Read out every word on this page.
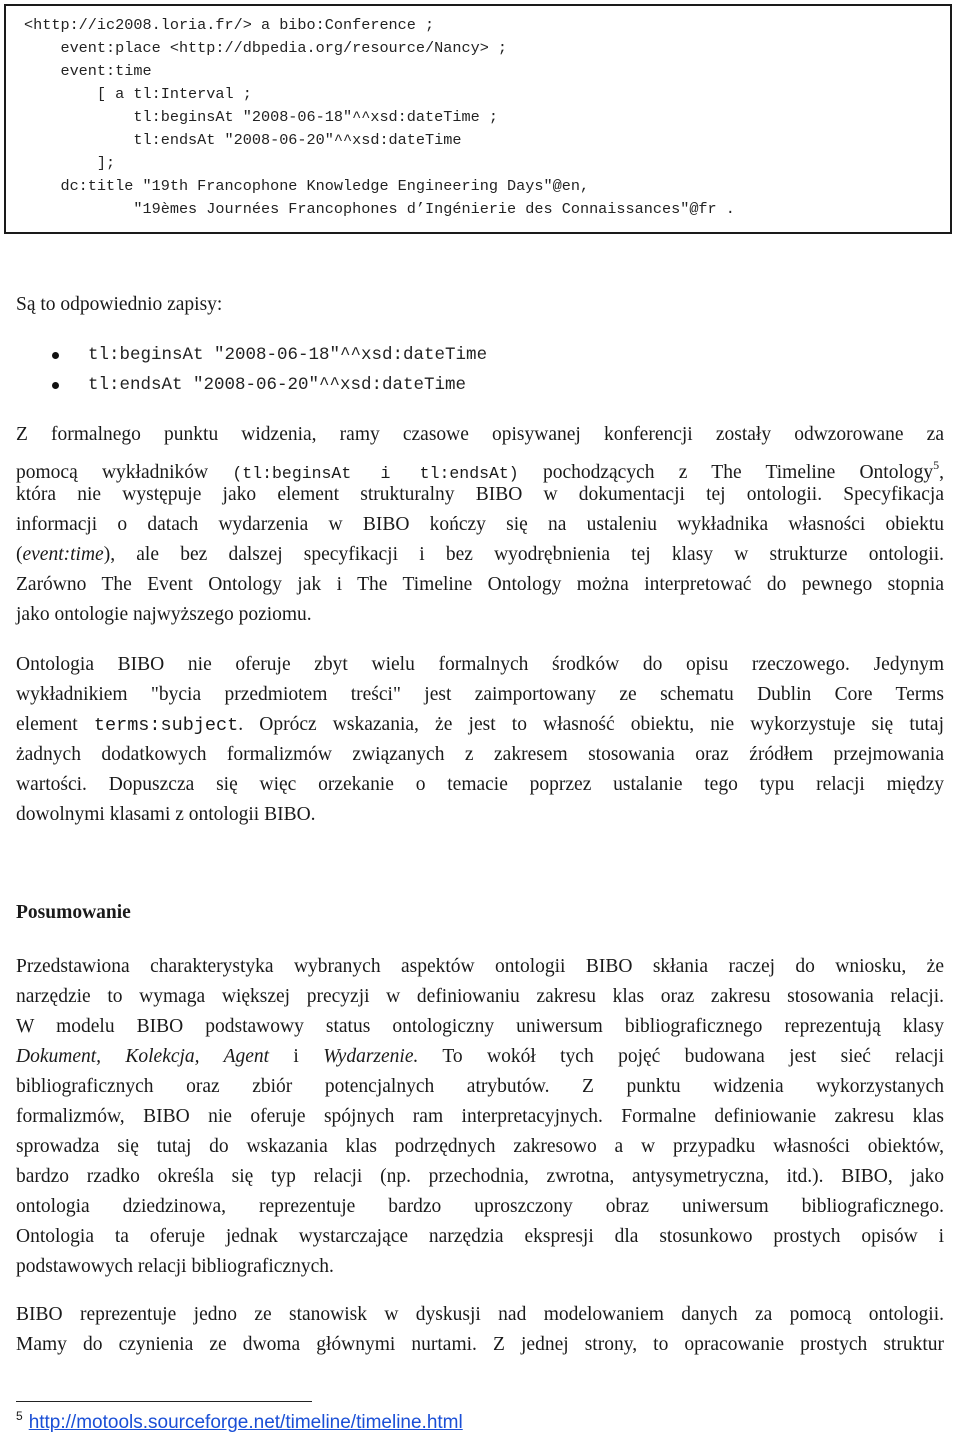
<http://ic2008.loria.fr/> a bibo:Conference ;
event:place <http://dbpedia.org/resource/Nancy> ;
event:time
[ a tl:Interval ;
tl:beginsAt "2008-06-18"^^xsd:dateTime ;
tl:endsAt "2008-06-20"^^xsd:dateTime
];
dc:title "19th Francophone Knowledge Engineering Days"@en,
"19èmes Journées Francophones d’Ingénierie des Connaissances"@fr .
Są to odpowiednio zapisy:
tl:beginsAt "2008-06-18"^^xsd:dateTime
tl:endsAt "2008-06-20"^^xsd:dateTime
Z formalnego punktu widzenia, ramy czasowe opisywanej konferencji zostały odwzorowane za
pomocą wykładników (tl:beginsAt i tl:endsAt) pochodzących z The Timeline Ontology$^5$,
która nie występuje jako element strukturalny BIBO w dokumentacji tej ontologii. Specyfikacja
informacji o datach wydarzenia w BIBO kończy się na ustaleniu wykładnika własności obiektu
(event:time), ale bez dalszej specyfikacji i bez wyodrębnienia tej klasy w strukturze ontologii.
Zarówno The Event Ontology jak i The Timeline Ontology można interpretować do pewnego stopnia
jako ontologie najwyższego poziomu.
Ontologia BIBO nie oferuje zbyt wielu formalnych środków do opisu rzeczowego. Jedynym
wykładnikiem "bycia przedmiotem treści" jest zaimportowany ze schematu Dublin Core Terms
element terms:subject. Oprócz wskazania, że jest to własność obiektu, nie wykorzystuje się tutaj
żadnych dodatkowych formalizmów związanych z zakresem stosowania oraz źródłem przejmowania
wartości. Dopuszcza się więc orzekanie o temacie poprzez ustalanie tego typu relacji między
dowolnymi klasami z ontologii BIBO.
Posumowanie
Przedstawiona charakterystyka wybranych aspektów ontologii BIBO skłania raczej do wniosku, że
narzędzie to wymaga większej precyzji w definiowaniu zakresu klas oraz zakresu stosowania relacji.
W modelu BIBO podstawowy status ontologiczny uniwersum bibliograficznego reprezentują klasy
Dokument, Kolekcja, Agent i Wydarzenie. To wokół tych pojęć budowana jest sieć relacji
bibliograficznych oraz zbiór potencjalnych atrybutów. Z punktu widzenia wykorzystanych
formalizmów, BIBO nie oferuje spójnych ram interpretacyjnych. Formalne definiowanie zakresu klas
sprowadza się tutaj do wskazania klas podrzędnych zakresowo a w przypadku własności obiektów,
bardzo rzadko określa się typ relacji (np. przechodnia, zwrotna, antysymetryczna, itd.). BIBO, jako
ontologia dziedzinowa, reprezentuje bardzo uproszczony obraz uniwersum bibliograficznego.
Ontologia ta oferuje jednak wystarczające narzędzia ekspresji dla stosunkowo prostych opisów i
podstawowych relacji bibliograficznych.
BIBO reprezentuje jedno ze stanowisk w dyskusji nad modelowaniem danych za pomocą ontologii.
Mamy do czynienia ze dwoma głównymi nurtami. Z jednej strony, to opracowanie prostych struktur
$^5$ http://motools.sourceforge.net/timeline/timeline.html
